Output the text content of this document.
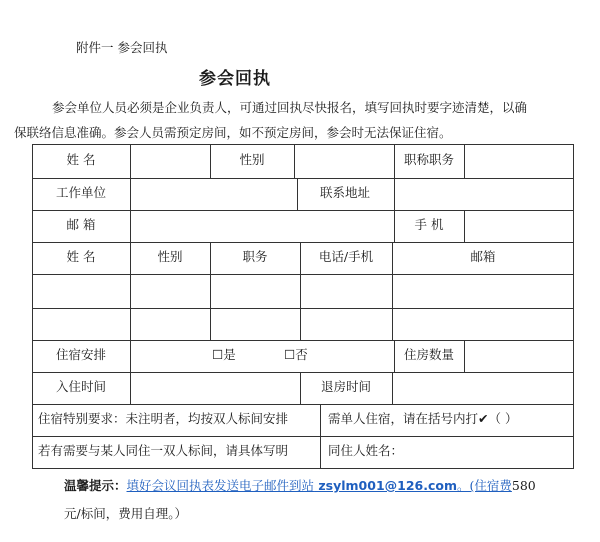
附件一 参会回执
参会回执
参会单位人员必须是企业负责人，可通过回执尽快报名，填写回执时要字迹清楚，以确
保联络信息准确。参会人员需预定房间，如不预定房间，参会时无法保证住宿。
姓 名	性别	职称职务
工作单位	联系地址
邮 箱	手 机
姓 名	性别	职务	电话/手机	邮箱
住宿安排	☐是	☐否	住房数量
入住时间	退房时间
住宿特别要求：未注明者，均按双人标间安排	需单人住宿，请在括号内打✔（ ）
若有需要与某人同住一双人标间，请具体写明	同住人姓名：
温馨提示：填好会议回执表发送电子邮件到站 zsylm001@126.com。(住宿费580
元/标间，费用自理。）
